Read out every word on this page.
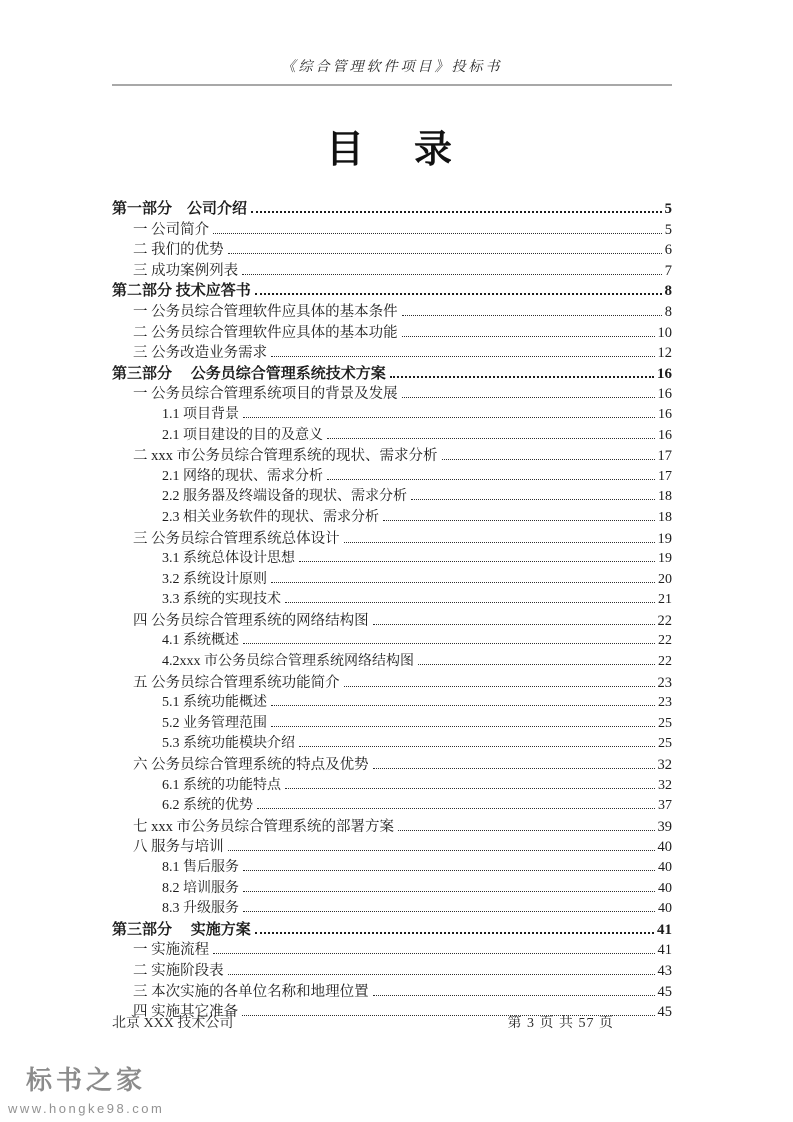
《综合管理软件项目》投标书
目　录
第一部分　公司介绍	5
一 公司简介	5
二 我们的优势	6
三 成功案例列表	7
第二部分 技术应答书	8
一 公务员综合管理软件应具体的基本条件	8
二 公务员综合管理软件应具体的基本功能	10
三 公务改造业务需求	12
第三部分　 公务员综合管理系统技术方案	16
一 公务员综合管理系统项目的背景及发展	16
1.1 项目背景	16
2.1 项目建设的目的及意义	16
二 xxx 市公务员综合管理系统的现状、需求分析	17
2.1 网络的现状、需求分析	17
2.2 服务器及终端设备的现状、需求分析	18
2.3 相关业务软件的现状、需求分析	18
三 公务员综合管理系统总体设计	19
3.1 系统总体设计思想	19
3.2 系统设计原则	20
3.3 系统的实现技术	21
四 公务员综合管理系统的网络结构图	22
4.1 系统概述	22
4.2xxx 市公务员综合管理系统网络结构图	22
五 公务员综合管理系统功能简介	23
5.1 系统功能概述	23
5.2 业务管理范围	25
5.3 系统功能模块介绍	25
六 公务员综合管理系统的特点及优势	32
6.1 系统的功能特点	32
6.2 系统的优势	37
七 xxx 市公务员综合管理系统的部署方案	39
八 服务与培训	40
8.1 售后服务	40
8.2 培训服务	40
8.3 升级服务	40
第三部分　 实施方案	41
一 实施流程	41
二 实施阶段表	43
三 本次实施的各单位名称和地理位置	45
四 实施其它准备	45
北京 XXX 技术公司	第 3 页 共 57 页
标书之家
www.hongke98.com
